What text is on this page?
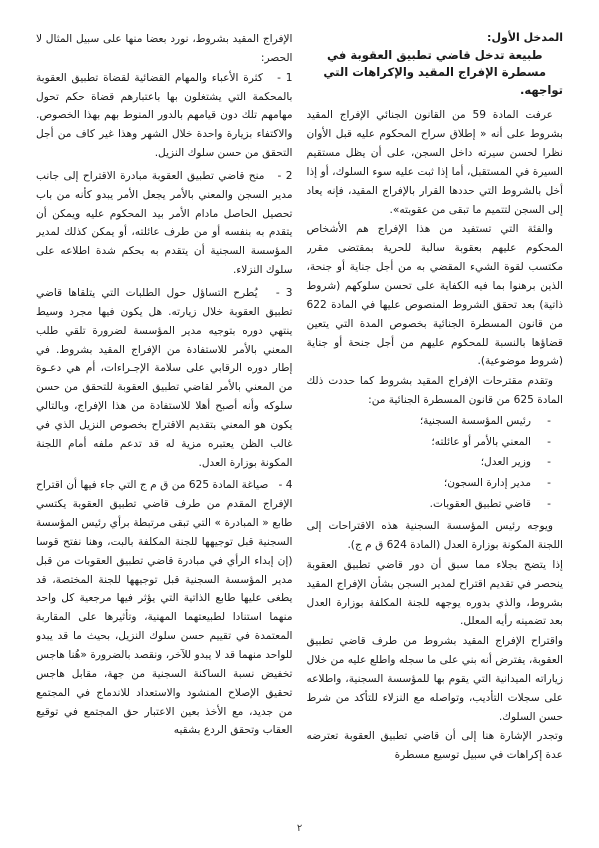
المدخل الأول:
طبيعة تدخل قاضي تطبيق العقوبة في مسطرة الإفراج المقيد والإكراهات التي تواجهه.

عرفت المادة 59 من القانون الجنائي الإفراج المقيد بشروط على أنه « إطلاق سراح المحكوم عليه قبل الأوان نظرا لحسن سيرته داخل السجن، على أن يظل مستقيم السيرة في المستقبل، أما إذا ثبت عليه سوء السلوك، أو إذا أخل بالشروط التي حددها القرار بالإفراج المقيد، فإنه يعاد إلى السجن لتتميم ما تبقى من عقوبته».

والفئة التي تستفيد من هذا الإفراج هم الأشخاص المحكوم عليهم بعقوبة سالبة للحرية بمقتضى مقرر مكتسب لقوة الشيء المقضي به من أجل جناية أو جنحة، الذين برهنوا بما فيه الكفاية على تحسن سلوكهم (شروط ذاتية) بعد تحقق الشروط المنصوص عليها في المادة 622 من قانون المسطرة الجنائية بخصوص المدة التي يتعين قضاؤها بالنسبة للمحكوم عليهم من أجل جنحة أو جناية (شروط موضوعية).

وتقدم مقترحات الإفراج المقيد بشروط كما حددت ذلك المادة 625 من قانون المسطرة الجنائية من:

-
رئيس المؤسسة السجنية؛
-
المعني بالأمر أو عائلته؛
-
وزير العدل؛
-
مدير إدارة السجون؛
-
قاضي تطبيق العقوبات.

ويوجه رئيس المؤسسة السجنية هذه الاقتراحات إلى اللجنة المكونة بوزارة العدل (المادة 624 ق م ج).

إذا يتضح بجلاء مما سبق أن دور قاضي تطبيق العقوبة ينحصر في تقديم اقتراح لمدير السجن بشأن الإفراج المقيد بشروط، والذي بدوره يوجهه للجنة المكلفة بوزارة العدل بعد تضمينه رأيه المعلل.

واقتراح الإفراج المقيد بشروط من طرف قاضي تطبيق العقوبة، يفترض أنه بني على ما سجله واطلع عليه من خلال زياراته الميدانية التي يقوم بها للمؤسسة السجنية، واطلاعه على سجلات التأديب، وتواصله مع النزلاء للتأكد من شرط حسن السلوك.

وتجدر الإشارة هنا إلى أن قاضي تطبيق العقوبة تعترضه عدة إكراهات في سبيل توسيع مسطرة

الإفراج المقيد بشروط، نورد بعضا منها على سبيل المثال لا الحصر:

1 -   كثرة الأعباء والمهام القضائية لقضاة تطبيق العقوبة بالمحكمة التي يشتغلون بها باعتبارهم قضاة حكم تحول مهامهم تلك دون قيامهم بالدور المنوط بهم بهذا الخصوص. والاكتفاء بزيارة واحدة خلال الشهر وهذا غير كاف من أجل التحقق من حسن سلوك النزيل.
2 -   منح قاضي تطبيق العقوبة مبادرة الاقتراح إلى جانب مدير السجن والمعني بالأمر يجعل الأمر يبدو كأنه من باب تحصيل الحاصل مادام الأمر بيد المحكوم عليه ويمكن أن يتقدم به بنفسه أو من طرف عائلته، أو يمكن كذلك لمدير المؤسسة السجنية أن يتقدم به بحكم شدة اطلاعه على سلوك النزلاء.
3 -   يُطرح التساؤل حول الطلبات التي يتلقاها قاضي تطبيق العقوبة خلال زيارته. هل يكون فيها مجرد وسيط ينتهي دوره بتوجيه مدير المؤسسة لضرورة تلقي طلب المعني بالأمر للاستفادة من الإفراج المقيد بشروط. في إطار دوره الرقابي على سلامة الإجـراءات، أم هي دعـوة من المعني بالأمر لقاضي تطبيق العقوبة للتحقق من حسن سلوكه وأنه أصبح أهلا للاستفادة من هذا الإفراج، وبالتالي يكون هو المعني بتقديم الاقتراح بخصوص النزيل الذي في غالب الظن يعتبره مزية له قد تدعم ملفه أمام اللجنة المكونة بوزارة العدل.
4 -   صياغة المادة 625 من ق م ج التي جاء فيها أن اقتراح الإفراج المقدم من طرف قاضي تطبيق العقوبة يكتسي طابع « المبادرة » التي تبقى مرتبطة برأي رئيس المؤسسة السجنية قبل توجيهها للجنة المكلفة بالبت، وهنا نفتح قوسا (إن إبداء الرأي في مبادرة قاضي تطبيق العقوبات من قبل مدير المؤسسة السجنية قبل توجيهها للجنة المختصة، قد يطغى عليها طابع الذاتية التي يؤثر فيها مرجعية كل واحد منهما استنادا لطبيعتهما المهنية، وتأثيرها على المقاربة المعتمدة في تقييم حسن سلوك النزيل، بحيث ما قد يبدو للواحد منهما قد لا يبدو للآخر، ونقصد بالضرورة «هُنا هاجس تخفيض نسبة الساكنة السجنية من جهة، مقابل هاجس تحقيق الإصلاح المنشود والاستعداد للاندماج في المجتمع من جديد، مع الأخذ بعين الاعتبار حق المجتمع في توقيع العقاب وتحقق الردع بشقيه
٢
